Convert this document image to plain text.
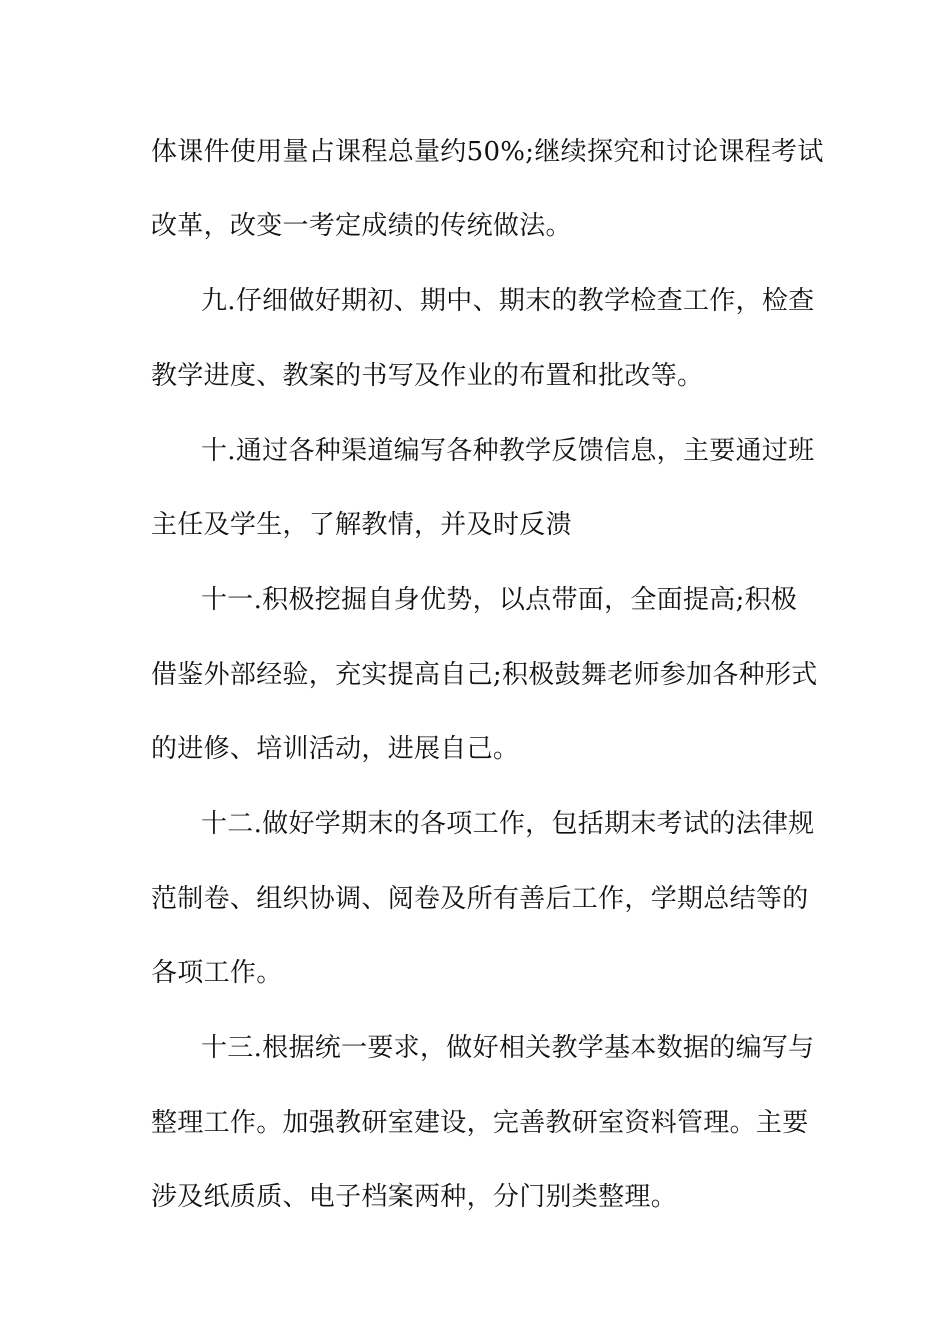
体课件使用量占课程总量约50%;继续探究和讨论课程考试
改革，改变一考定成绩的传统做法。
九.仔细做好期初、期中、期末的教学检查工作，检查
教学进度、教案的书写及作业的布置和批改等。
十.通过各种渠道编写各种教学反馈信息，主要通过班
主任及学生，了解教情，并及时反溃
十一.积极挖掘自身优势，以点带面，全面提高;积极
借鉴外部经验，充实提高自己;积极鼓舞老师参加各种形式
的进修、培训活动，进展自己。
十二.做好学期末的各项工作，包括期末考试的法律规
范制卷、组织协调、阅卷及所有善后工作，学期总结等的
各项工作。
十三.根据统一要求，做好相关教学基本数据的编写与
整理工作。加强教研室建设，完善教研室资料管理。主要
涉及纸质质、电子档案两种，分门别类整理。
